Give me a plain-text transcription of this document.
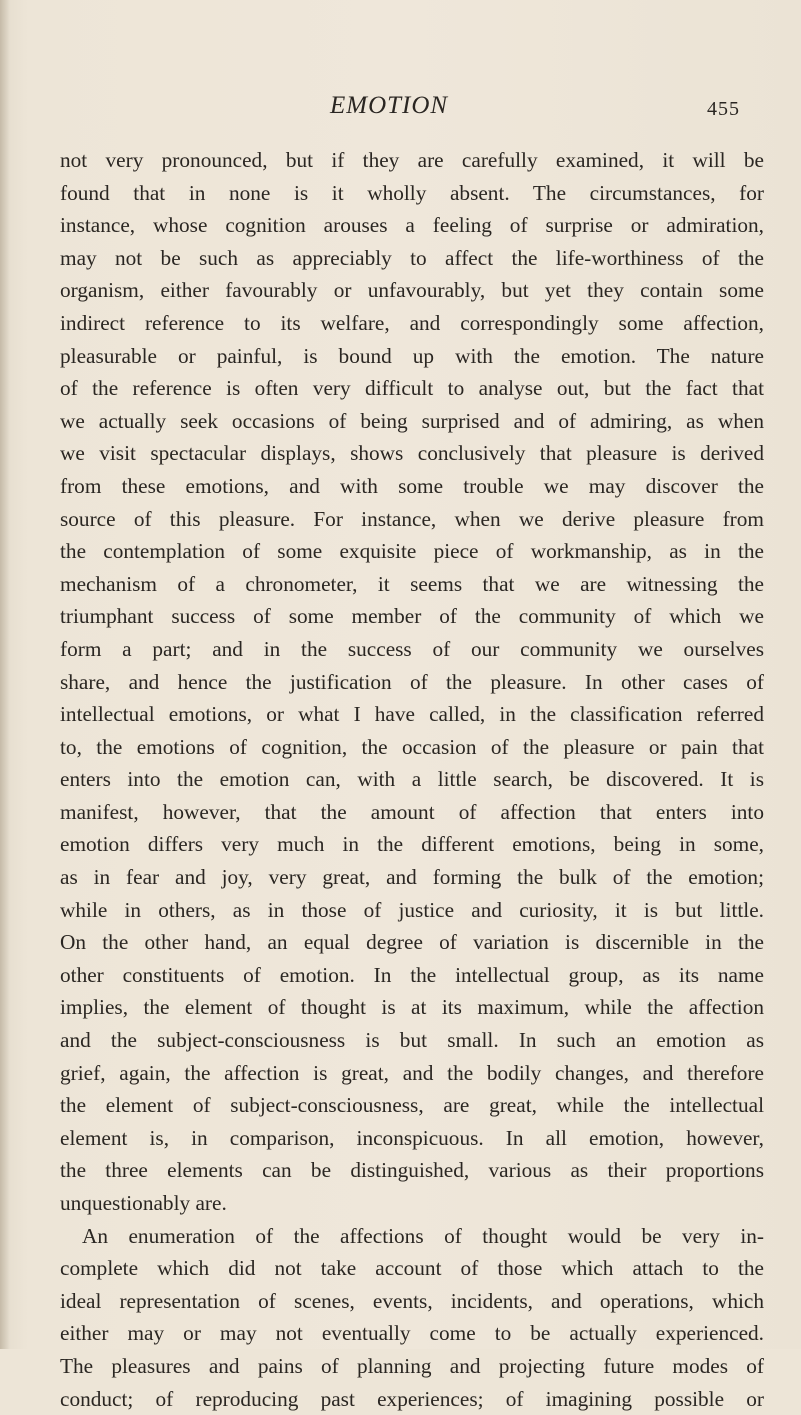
EMOTION	455
not very pronounced, but if they are carefully examined, it will be
found that in none is it wholly absent. The circumstances, for
instance, whose cognition arouses a feeling of surprise or admiration,
may not be such as appreciably to affect the life-worthiness of the
organism, either favourably or unfavourably, but yet they contain some
indirect reference to its welfare, and correspondingly some affection,
pleasurable or painful, is bound up with the emotion. The nature
of the reference is often very difficult to analyse out, but the fact that
we actually seek occasions of being surprised and of admiring, as when
we visit spectacular displays, shows conclusively that pleasure is derived
from these emotions, and with some trouble we may discover the
source of this pleasure. For instance, when we derive pleasure from
the contemplation of some exquisite piece of workmanship, as in the
mechanism of a chronometer, it seems that we are witnessing the
triumphant success of some member of the community of which we
form a part; and in the success of our community we ourselves
share, and hence the justification of the pleasure. In other cases of
intellectual emotions, or what I have called, in the classification referred
to, the emotions of cognition, the occasion of the pleasure or pain that
enters into the emotion can, with a little search, be discovered. It is
manifest, however, that the amount of affection that enters into
emotion differs very much in the different emotions, being in some,
as in fear and joy, very great, and forming the bulk of the emotion;
while in others, as in those of justice and curiosity, it is but little.
On the other hand, an equal degree of variation is discernible in the
other constituents of emotion. In the intellectual group, as its name
implies, the element of thought is at its maximum, while the affection
and the subject-consciousness is but small. In such an emotion as
grief, again, the affection is great, and the bodily changes, and therefore
the element of subject-consciousness, are great, while the intellectual
element is, in comparison, inconspicuous. In all emotion, however,
the three elements can be distinguished, various as their proportions
unquestionably are.
An enumeration of the affections of thought would be very in-
complete which did not take account of those which attach to the
ideal representation of scenes, events, incidents, and operations, which
either may or may not eventually come to be actually experienced.
The pleasures and pains of planning and projecting future modes of
conduct; of reproducing past experiences; of imagining possible or
